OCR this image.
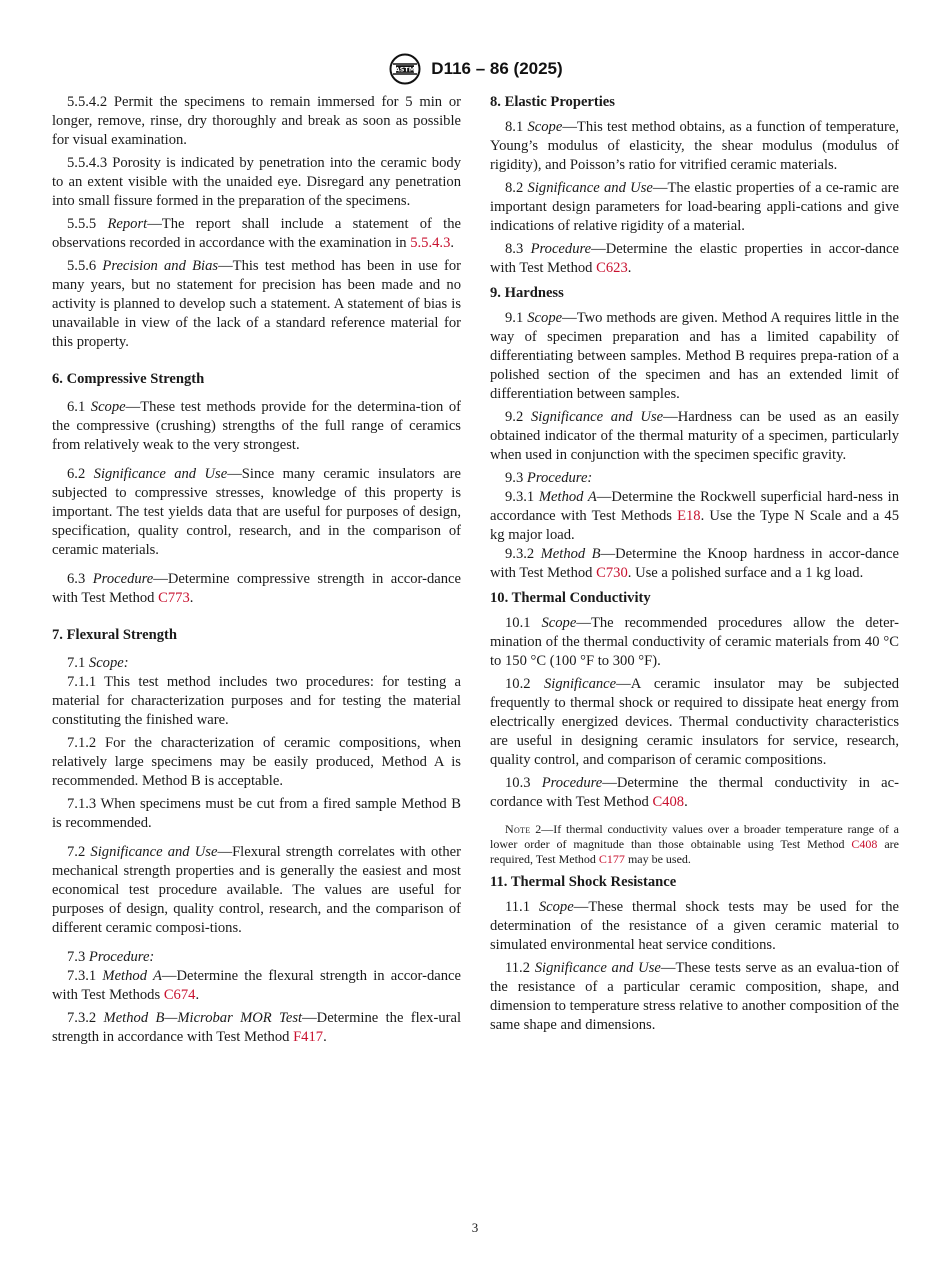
ASTM D116 – 86 (2025)

5.5.4.2 Permit the specimens to remain immersed for 5 min or longer, remove, rinse, dry thoroughly and break as soon as possible for visual examination.

5.5.4.3 Porosity is indicated by penetration into the ceramic body to an extent visible with the unaided eye. Disregard any penetration into small fissure formed in the preparation of the specimens.

5.5.5 Report—The report shall include a statement of the observations recorded in accordance with the examination in 5.5.4.3.

5.5.6 Precision and Bias—This test method has been in use for many years, but no statement for precision has been made and no activity is planned to develop such a statement. A statement of bias is unavailable in view of the lack of a standard reference material for this property.

6. Compressive Strength

6.1 Scope—These test methods provide for the determina-tion of the compressive (crushing) strengths of the full range of ceramics from relatively weak to the very strongest.

6.2 Significance and Use—Since many ceramic insulators are subjected to compressive stresses, knowledge of this property is important. The test yields data that are useful for purposes of design, specification, quality control, research, and in the comparison of ceramic materials.

6.3 Procedure—Determine compressive strength in accor-dance with Test Method C773.

7. Flexural Strength

7.1 Scope:

7.1.1 This test method includes two procedures: for testing a material for characterization purposes and for testing the material constituting the finished ware.

7.1.2 For the characterization of ceramic compositions, when relatively large specimens may be easily produced, Method A is recommended. Method B is acceptable.

7.1.3 When specimens must be cut from a fired sample Method B is recommended.

7.2 Significance and Use—Flexural strength correlates with other mechanical strength properties and is generally the easiest and most economical test procedure available. The values are useful for purposes of design, quality control, research, and the comparison of different ceramic composi-tions.

7.3 Procedure:

7.3.1 Method A—Determine the flexural strength in accor-dance with Test Methods C674.

7.3.2 Method B—Microbar MOR Test—Determine the flex-ural strength in accordance with Test Method F417.

8. Elastic Properties

8.1 Scope—This test method obtains, as a function of temperature, Young’s modulus of elasticity, the shear modulus (modulus of rigidity), and Poisson’s ratio for vitrified ceramic materials.

8.2 Significance and Use—The elastic properties of a ce-ramic are important design parameters for load-bearing appli-cations and give indications of relative rigidity of a material.

8.3 Procedure—Determine the elastic properties in accor-dance with Test Method C623.

9. Hardness

9.1 Scope—Two methods are given. Method A requires little in the way of specimen preparation and has a limited capability of differentiating between samples. Method B requires prepa-ration of a polished section of the specimen and has an extended limit of differentiation between samples.

9.2 Significance and Use—Hardness can be used as an easily obtained indicator of the thermal maturity of a specimen, particularly when used in conjunction with the specimen specific gravity.

9.3 Procedure:

9.3.1 Method A—Determine the Rockwell superficial hard-ness in accordance with Test Methods E18. Use the Type N Scale and a 45 kg major load.

9.3.2 Method B—Determine the Knoop hardness in accor-dance with Test Method C730. Use a polished surface and a 1 kg load.

10. Thermal Conductivity

10.1 Scope—The recommended procedures allow the deter-mination of the thermal conductivity of ceramic materials from 40 °C to 150 °C (100 °F to 300 °F).

10.2 Significance—A ceramic insulator may be subjected frequently to thermal shock or required to dissipate heat energy from electrically energized devices. Thermal conductivity characteristics are useful in designing ceramic insulators for service, research, quality control, and comparison of ceramic compositions.

10.3 Procedure—Determine the thermal conductivity in ac-cordance with Test Method C408.

Note 2—If thermal conductivity values over a broader temperature range of a lower order of magnitude than those obtainable using Test Method C408 are required, Test Method C177 may be used.

11. Thermal Shock Resistance

11.1 Scope—These thermal shock tests may be used for the determination of the resistance of a given ceramic material to simulated environmental heat service conditions.

11.2 Significance and Use—These tests serve as an evalua-tion of the resistance of a particular ceramic composition, shape, and dimension to temperature stress relative to another composition of the same shape and dimensions.

3
